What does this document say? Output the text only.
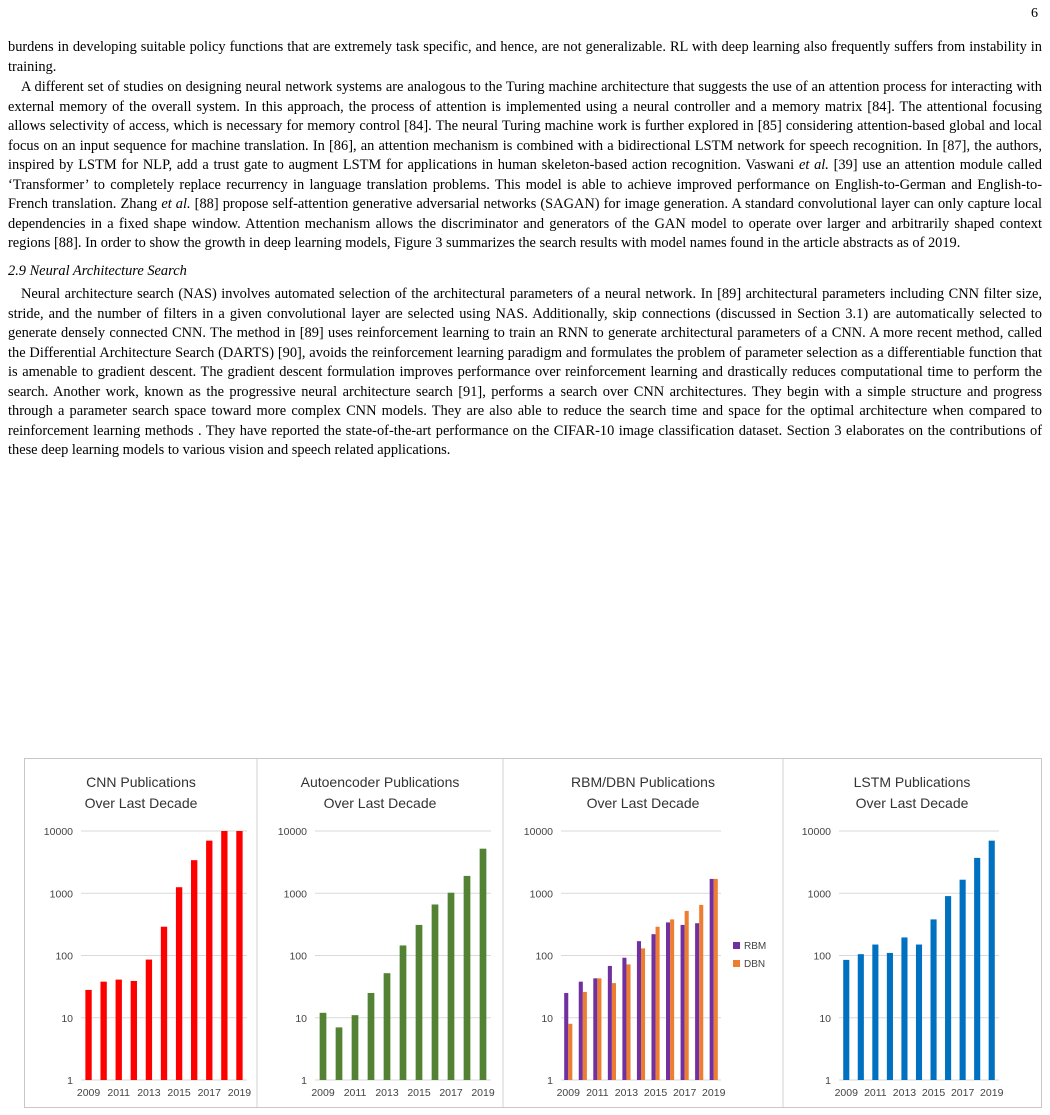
6

burdens in developing suitable policy functions that are extremely task specific, and hence, are not generalizable. RL with deep learning also frequently suffers from instability in training.

A different set of studies on designing neural network systems are analogous to the Turing machine architecture that suggests the use of an attention process for interacting with external memory of the overall system. In this approach, the process of attention is implemented using a neural controller and a memory matrix [84]. The attentional focusing allows selectivity of access, which is necessary for memory control [84]. The neural Turing machine work is further explored in [85] considering attention-based global and local focus on an input sequence for machine translation. In [86], an attention mechanism is combined with a bidirectional LSTM network for speech recognition. In [87], the authors, inspired by LSTM for NLP, add a trust gate to augment LSTM for applications in human skeleton-based action recognition. Vaswani et al. [39] use an attention module called ‘Transformer’ to completely replace recurrency in language translation problems. This model is able to achieve improved performance on English-to-German and English-to-French translation. Zhang et al. [88] propose self-attention generative adversarial networks (SAGAN) for image generation. A standard convolutional layer can only capture local dependencies in a fixed shape window. Attention mechanism allows the discriminator and generators of the GAN model to operate over larger and arbitrarily shaped context regions [88]. In order to show the growth in deep learning models, Figure 3 summarizes the search results with model names found in the article abstracts as of 2019.

2.9 Neural Architecture Search

Neural architecture search (NAS) involves automated selection of the architectural parameters of a neural network. In [89] architectural parameters including CNN filter size, stride, and the number of filters in a given convolutional layer are selected using NAS. Additionally, skip connections (discussed in Section 3.1) are automatically selected to generate densely connected CNN. The method in [89] uses reinforcement learning to train an RNN to generate architectural parameters of a CNN. A more recent method, called the Differential Architecture Search (DARTS) [90], avoids the reinforcement learning paradigm and formulates the problem of parameter selection as a differentiable function that is amenable to gradient descent. The gradient descent formulation improves performance over reinforcement learning and drastically reduces computational time to perform the search. Another work, known as the progressive neural architecture search [91], performs a search over CNN architectures. They begin with a simple structure and progress through a parameter search space toward more complex CNN models. They are also able to reduce the search time and space for the optimal architecture when compared to reinforcement learning methods . They have reported the state-of-the-art performance on the CIFAR-10 image classification dataset. Section 3 elaborates on the contributions of these deep learning models to various vision and speech related applications.

CNN Publications
Over Last Decade
10000
1000
100
10
1
2009 2011 2013 2015 2017 2019
Autoencoder Publications
Over Last Decade
10000
1000
100
10
1
2009 2011 2013 2015 2017 2019
RBM/DBN Publications
Over Last Decade
10000
1000
100
10
1
2009 2011 2013 2015 2017 2019
RBM
DBN
LSTM Publications
Over Last Decade
10000
1000
100
10
1
2009 2011 2013 2015 2017 2019
